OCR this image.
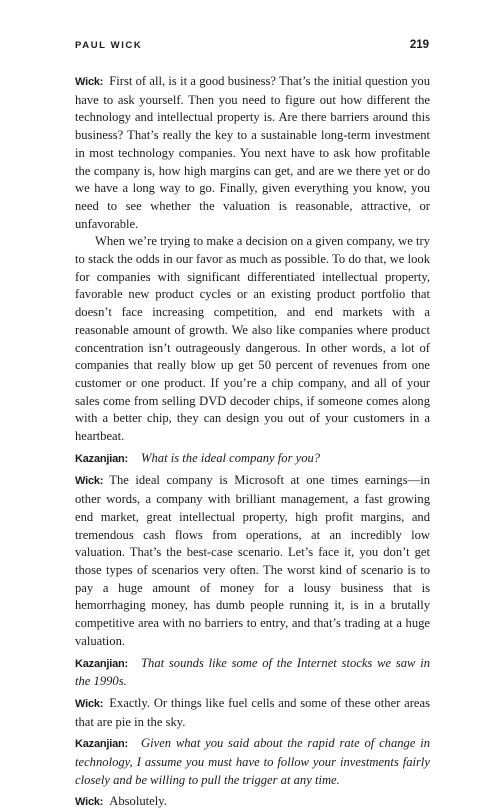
PAUL WICK	219

Wick: First of all, is it a good business? That’s the initial question you have to ask yourself. Then you need to figure out how different the technology and intellectual property is. Are there barriers around this business? That’s really the key to a sustainable long-term investment in most technology companies. You next have to ask how profitable the company is, how high margins can get, and are we there yet or do we have a long way to go. Finally, given everything you know, you need to see whether the valuation is reasonable, attractive, or unfavorable.

When we’re trying to make a decision on a given company, we try to stack the odds in our favor as much as possible. To do that, we look for companies with significant differentiated intellectual property, favorable new product cycles or an existing product portfolio that doesn’t face increasing competition, and end markets with a reasonable amount of growth. We also like companies where product concentration isn’t outrageously dangerous. In other words, a lot of companies that really blow up get 50 percent of revenues from one customer or one product. If you’re a chip company, and all of your sales come from selling DVD decoder chips, if someone comes along with a better chip, they can design you out of your customers in a heartbeat.

Kazanjian: What is the ideal company for you?

Wick: The ideal company is Microsoft at one times earnings—in other words, a company with brilliant management, a fast growing end market, great intellectual property, high profit margins, and tremendous cash flows from operations, at an incredibly low valuation. That’s the best-case scenario. Let’s face it, you don’t get those types of scenarios very often. The worst kind of scenario is to pay a huge amount of money for a lousy business that is hemorrhaging money, has dumb people running it, is in a brutally competitive area with no barriers to entry, and that’s trading at a huge valuation.

Kazanjian: That sounds like some of the Internet stocks we saw in the 1990s.

Wick: Exactly. Or things like fuel cells and some of these other areas that are pie in the sky.

Kazanjian: Given what you said about the rapid rate of change in technology, I assume you must have to follow your investments fairly closely and be willing to pull the trigger at any time.

Wick: Absolutely.
